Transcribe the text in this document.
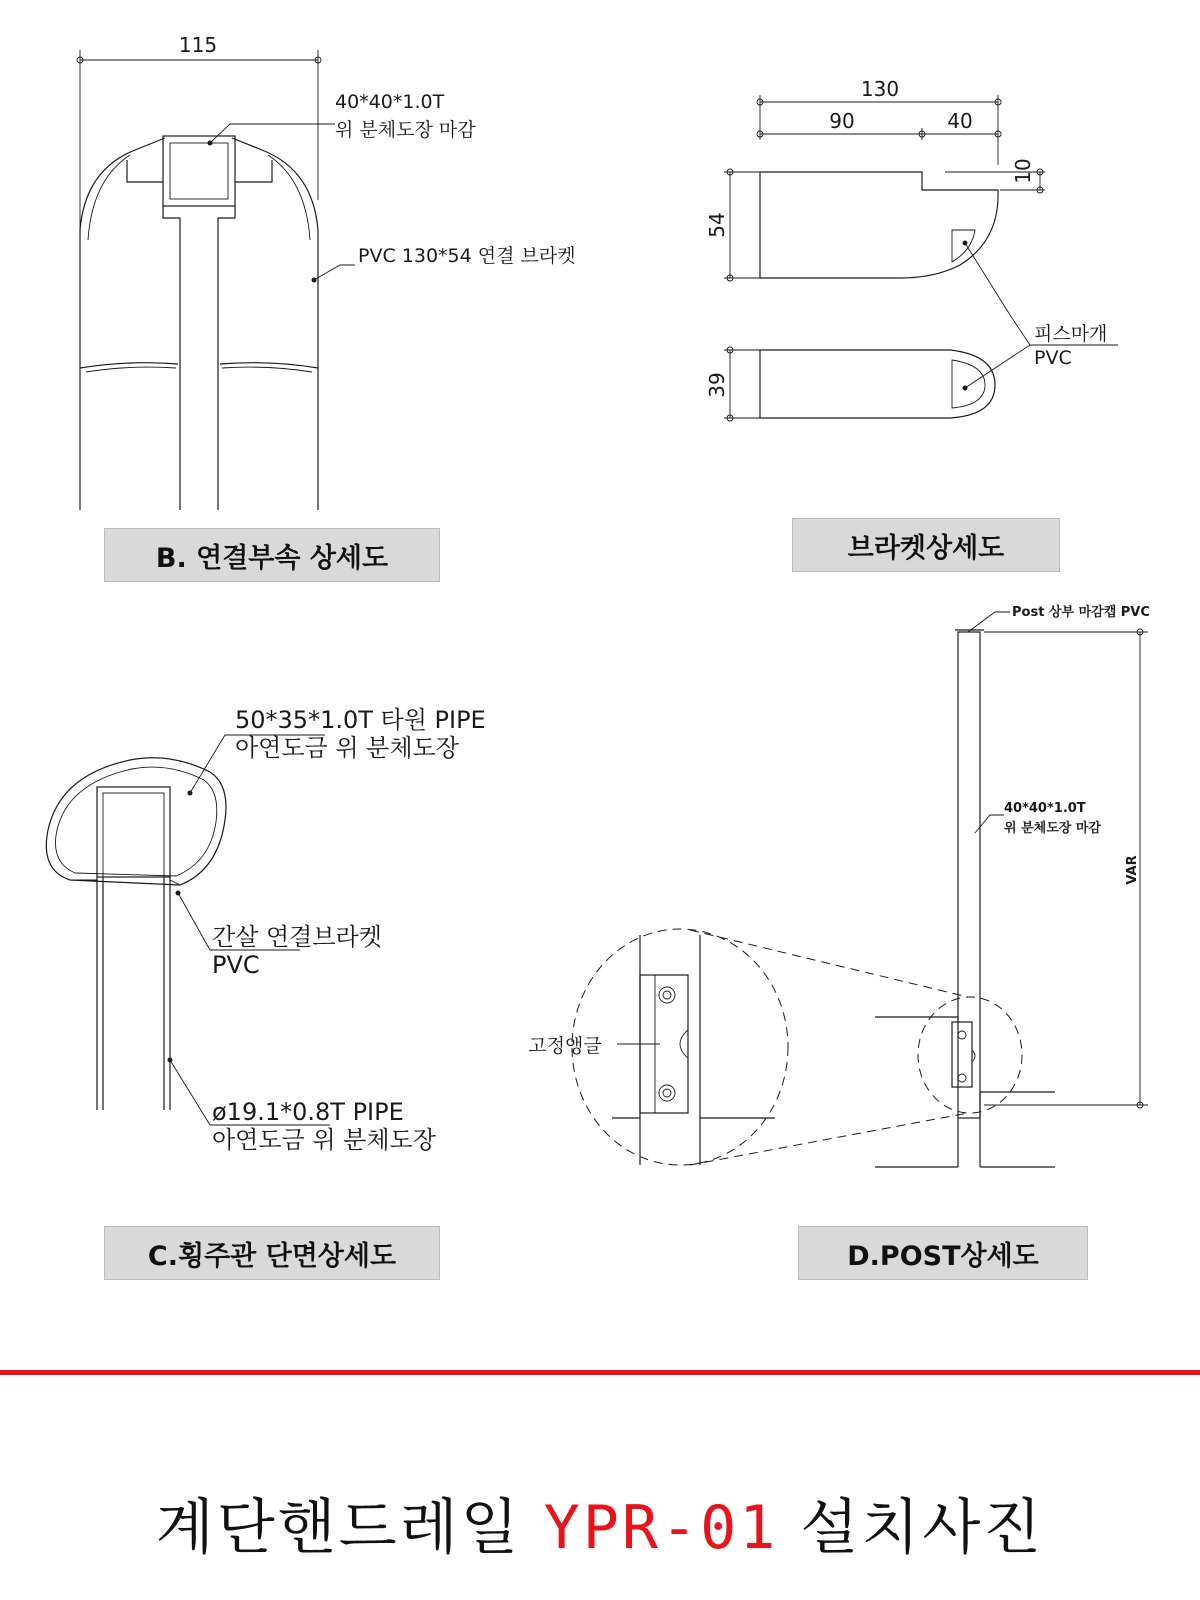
115
40*40*1.0T
위 분체도장 마감
PVC 130*54 연결 브라켓
130
90	40
10
54
39
피스마개
PVC
50*35*1.0T 타원 PIPE
아연도금 위 분체도장
간살 연결브라켓
PVC
ø19.1*0.8T PIPE
아연도금 위 분체도장
VAR
고정앵글
Post 상부 마감캡 PVC
40*40*1.0T
위 분체도장 마감
B. 연결부속 상세도	브라켓상세도
C.횡주관 단면상세도	D.POST상세도
계단핸드레일 YPR-01 설치사진
